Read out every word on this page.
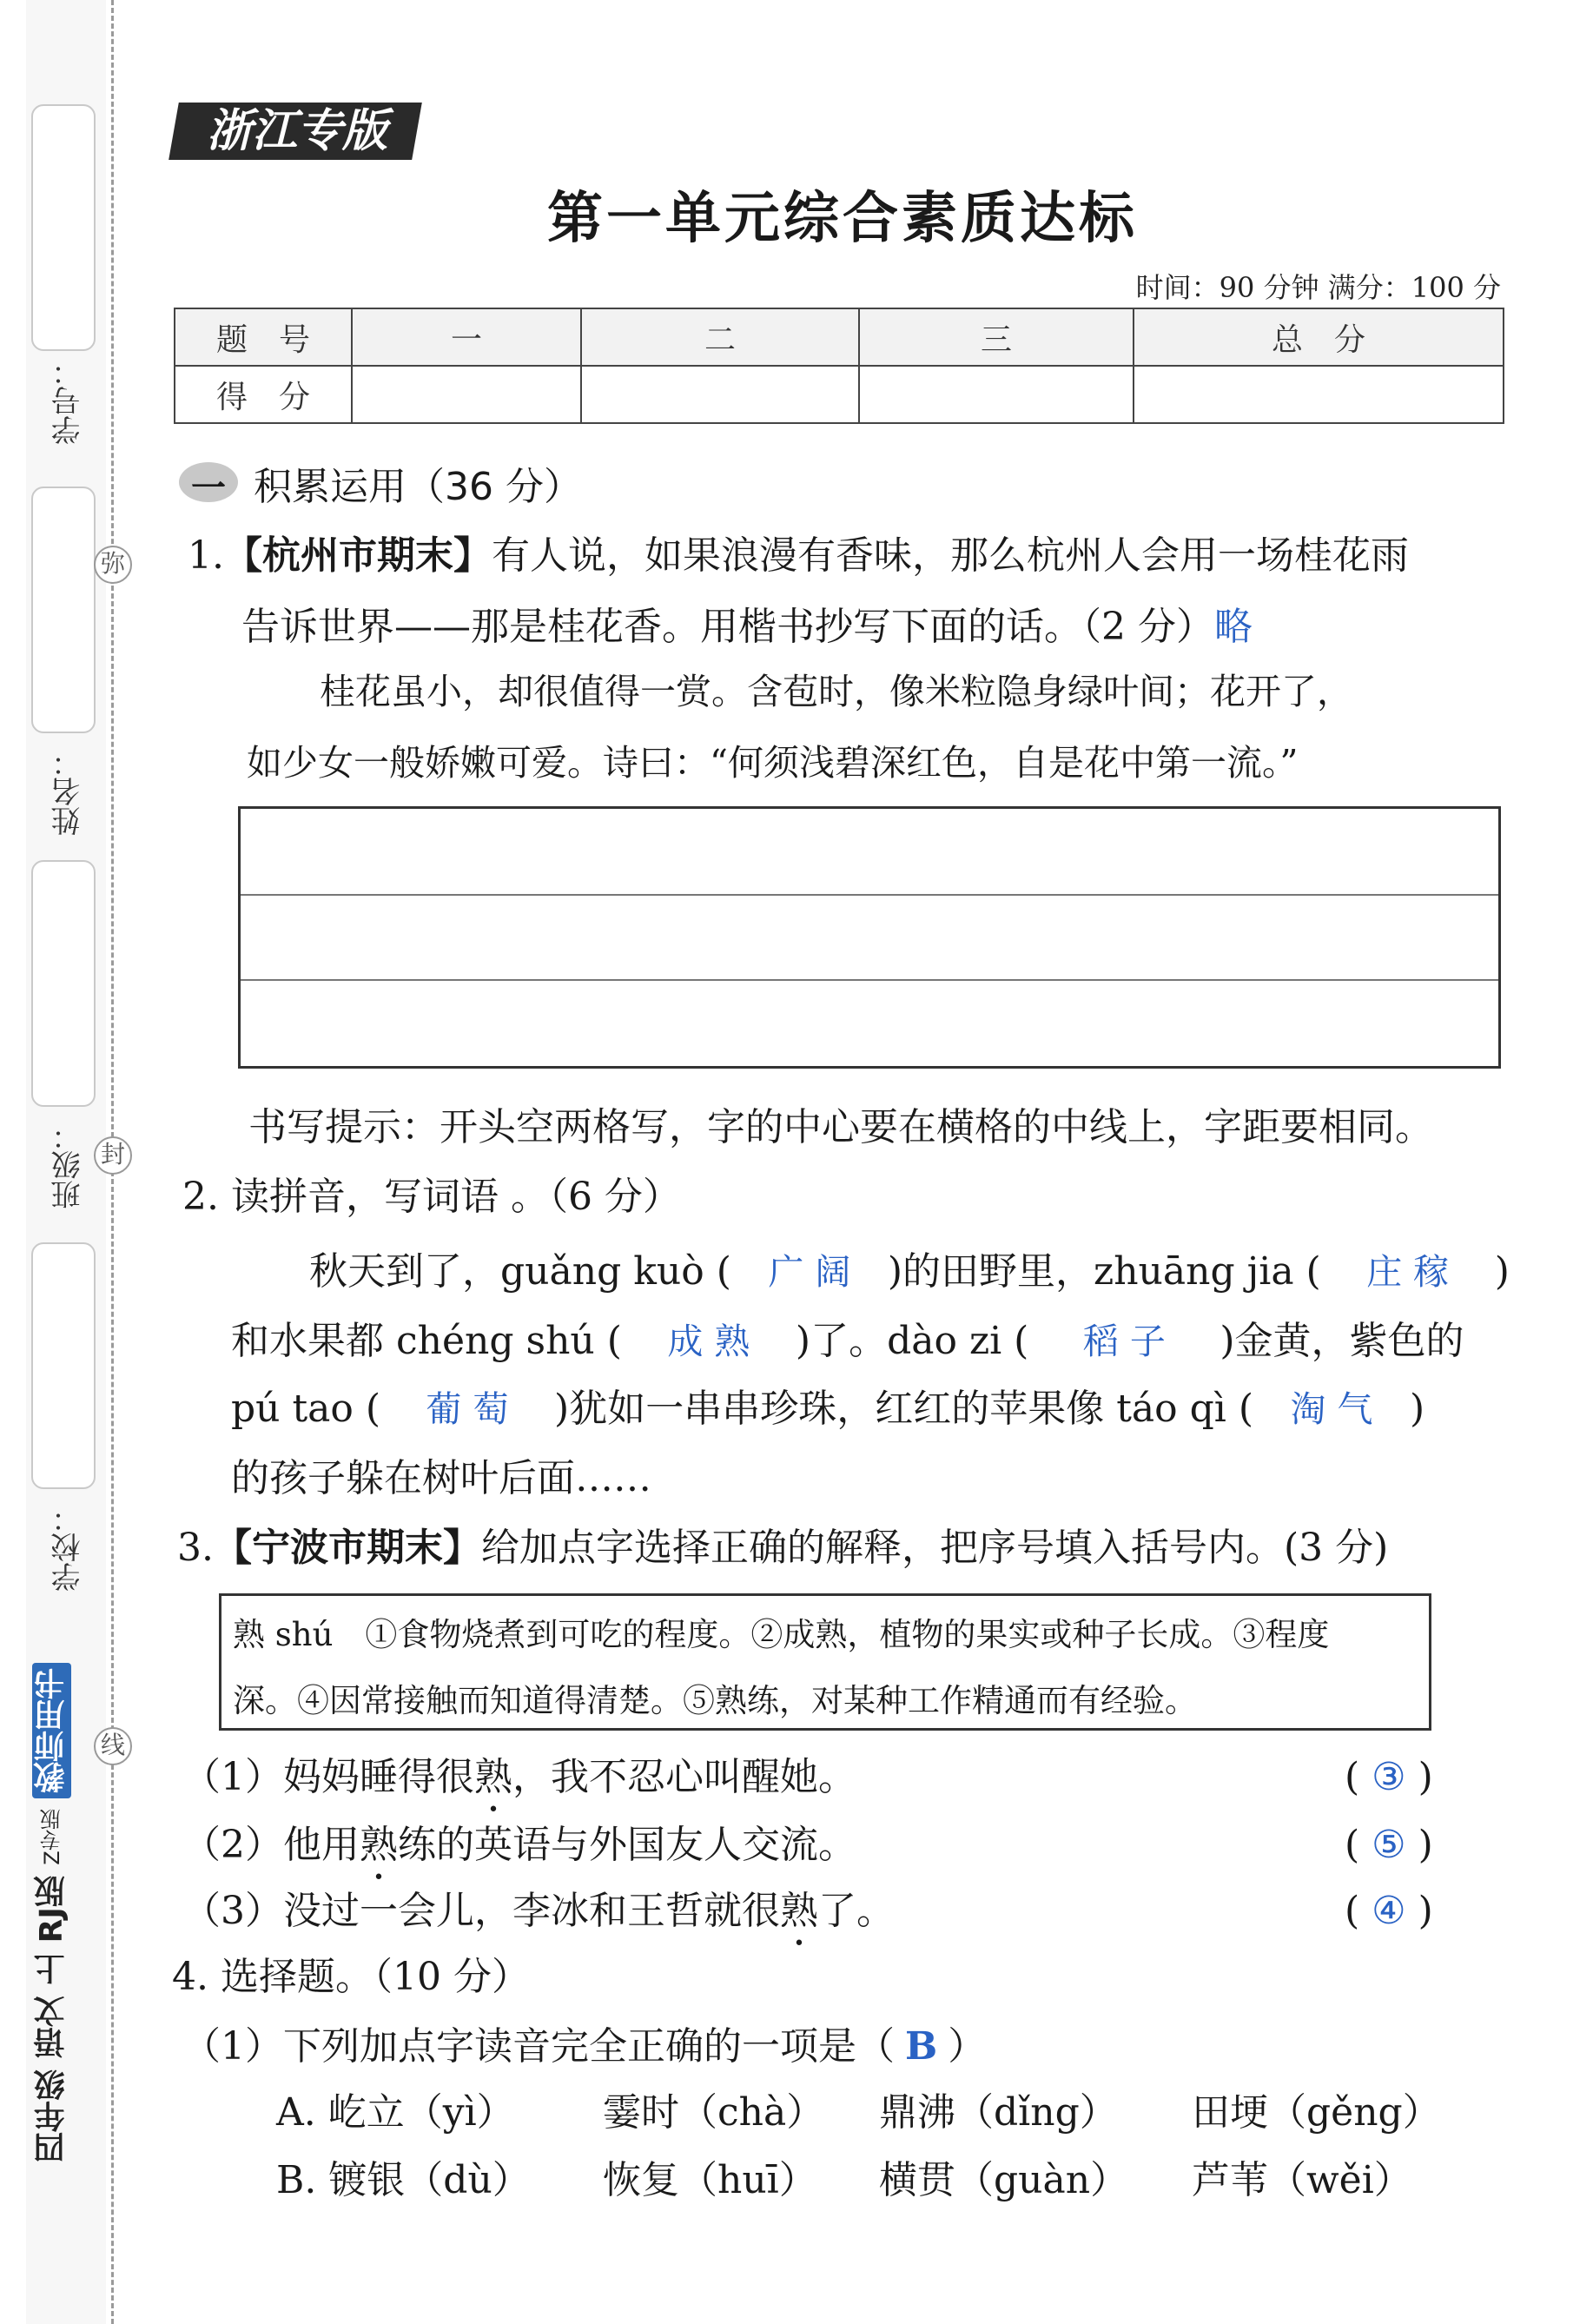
学号：
姓名：
班级：
学校：
弥
封
线
四年级 语文 上 RJ版 Z专版 教师用书
浙江专版
第一单元综合素质达标
时间：90 分钟 满分：100 分
题　号	一	二	三	总　分
得　分				
一 积累运用（36 分）
1.【杭州市期末】有人说，如果浪漫有香味，那么杭州人会用一场桂花雨
告诉世界——那是桂花香。用楷书抄写下面的话。（2 分）略
桂花虽小，却很值得一赏。含苞时，像米粒隐身绿叶间；花开了，
如少女一般娇嫩可爱。诗曰：“何须浅碧深红色，自是花中第一流。”
书写提示：开头空两格写，字的中心要在横格的中线上，字距要相同。
2. 读拼音，写词语 。（6 分）
秋天到了，guǎng kuò ( 广 阔 )的田野里，zhuāng jia ( 庄 稼 )
和水果都 chéng shú ( 成 熟 )了。dào zi ( 稻 子 )金黄，紫色的
pú tao ( 葡 萄 )犹如一串串珍珠，红红的苹果像 táo qì ( 淘 气 )
的孩子躲在树叶后面……
3.【宁波市期末】给加点字选择正确的解释，把序号填入括号内。(3 分)
熟 shú　①食物烧煮到可吃的程度。②成熟，植物的果实或种子长成。③程度
深。④因常接触而知道得清楚。⑤熟练，对某种工作精通而有经验。
（1）妈妈睡得很熟，我不忍心叫醒她。	( ③ )
（2）他用熟练的英语与外国友人交流。	( ⑤ )
（3）没过一会儿，李冰和王哲就很熟了。	( ④ )
4. 选择题。（10 分）
（1）下列加点字读音完全正确的一项是（ B ）
A. 屹立（yì） 霎时（chà） 鼎沸（dǐng） 田埂（gěng）
B. 镀银（dù） 恢复（huī） 横贯（guàn） 芦苇（wěi）
